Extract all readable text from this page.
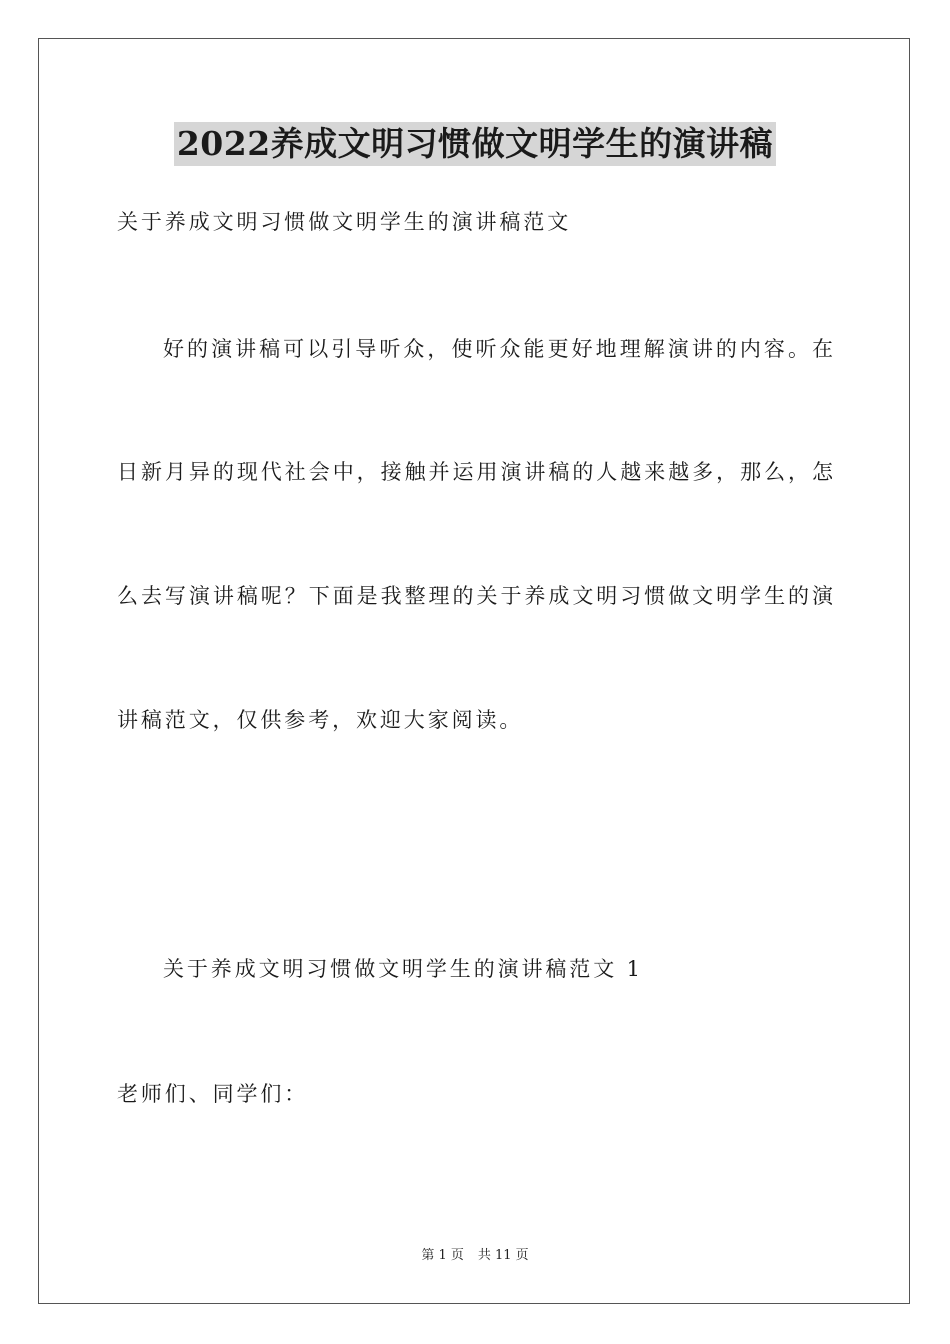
2022养成文明习惯做文明学生的演讲稿

关于养成文明习惯做文明学生的演讲稿范文

好的演讲稿可以引导听众，使听众能更好地理解演讲的内容。在

日新月异的现代社会中，接触并运用演讲稿的人越来越多，那么，怎

么去写演讲稿呢？下面是我整理的关于养成文明习惯做文明学生的演

讲稿范文，仅供参考，欢迎大家阅读。

关于养成文明习惯做文明学生的演讲稿范文 1

老师们、同学们：

第 1 页 共 11 页
